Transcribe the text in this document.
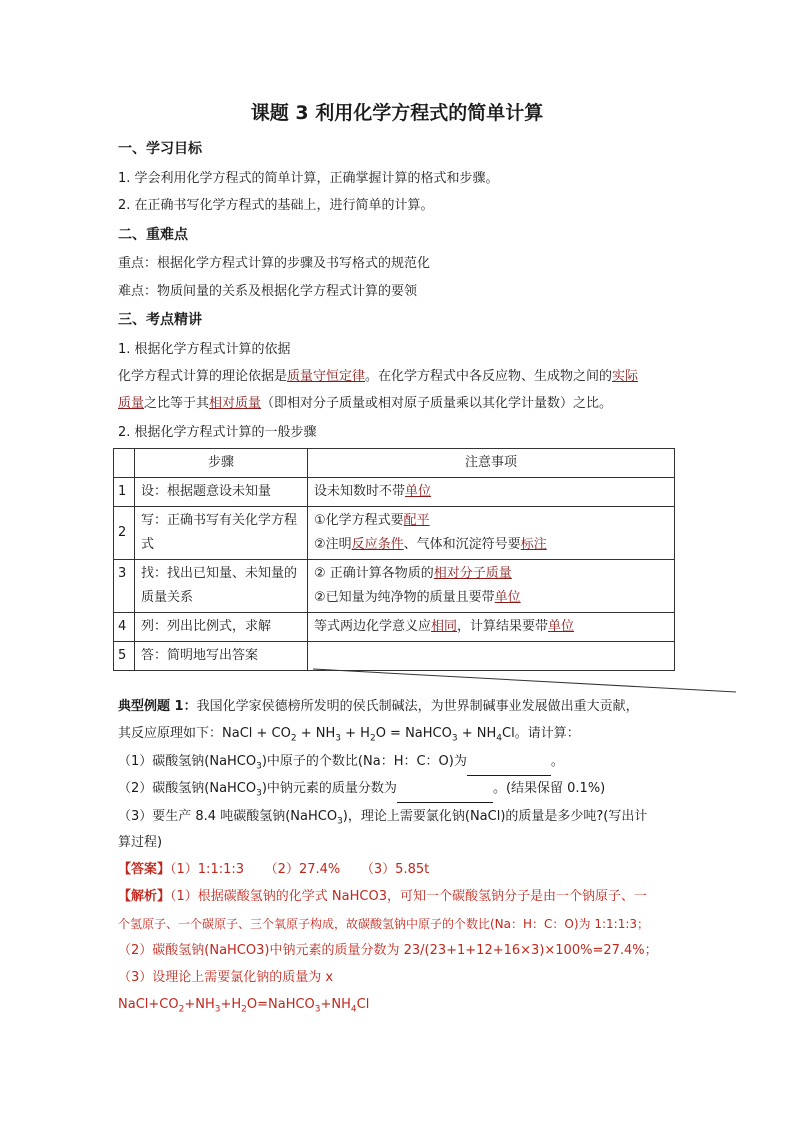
课题 3 利用化学方程式的简单计算
一、学习目标
1. 学会利用化学方程式的简单计算，正确掌握计算的格式和步骤。
2. 在正确书写化学方程式的基础上，进行简单的计算。
二、重难点
重点：根据化学方程式计算的步骤及书写格式的规范化
难点：物质间量的关系及根据化学方程式计算的要领
三、考点精讲
1. 根据化学方程式计算的依据
化学方程式计算的理论依据是质量守恒定律。在化学方程式中各反应物、生成物之间的实际
质量之比等于其相对质量（即相对分子质量或相对原子质量乘以其化学计量数）之比。
2. 根据化学方程式计算的一般步骤
	步骤	注意事项
1	设：根据题意设未知量	设未知数时不带单位
2	写：正确书写有关化学方程式	①化学方程式要配平
②注明反应条件、气体和沉淀符号要标注

3	找：找出已知量、未知量的质量关系	② 正确计算各物质的相对分子质量
②已知量为纯净物的质量且要带单位

4	列：列出比例式，求解	等式两边化学意义应相同，计算结果要带单位
5	答：简明地写出答案	
典型例题 1：我国化学家侯德榜所发明的侯氏制碱法，为世界制碱事业发展做出重大贡献，
其反应原理如下：NaCl + $CO_2 + NH_3 + H_2O$ = NaHCO$_3$ + $NH_4Cl$。请计算：
（1）碳酸氢钠(NaHCO$_3$)中原子的个数比(Na：H：C：O)为	。
（2）碳酸氢钠(NaHCO$_3$)中钠元素的质量分数为	。(结果保留 0.1%)
（3）要生产 8.4 吨碳酸氢钠(NaHCO$_3$)，理论上需要氯化钠(NaCl)的质量是多少吨?(写出计
算过程)
【答案】（1）1:1:1:3     （2）27.4%     （3）5.85t
【解析】（1）根据碳酸氢钠的化学式 NaHCO3，可知一个碳酸氢钠分子是由一个钠原子、一
个氢原子、一个碳原子、三个氧原子构成，故碳酸氢钠中原子的个数比(Na：H：C：O)为 1:1:1:3；
（2）碳酸氢钠(NaHCO3)中钠元素的质量分数为 23/(23+1+12+16×3)×100%=27.4%；
（3）设理论上需要氯化钠的质量为 x
$NaCl+CO_2+NH_3+H_2O=NaHCO_3+NH_4Cl$
